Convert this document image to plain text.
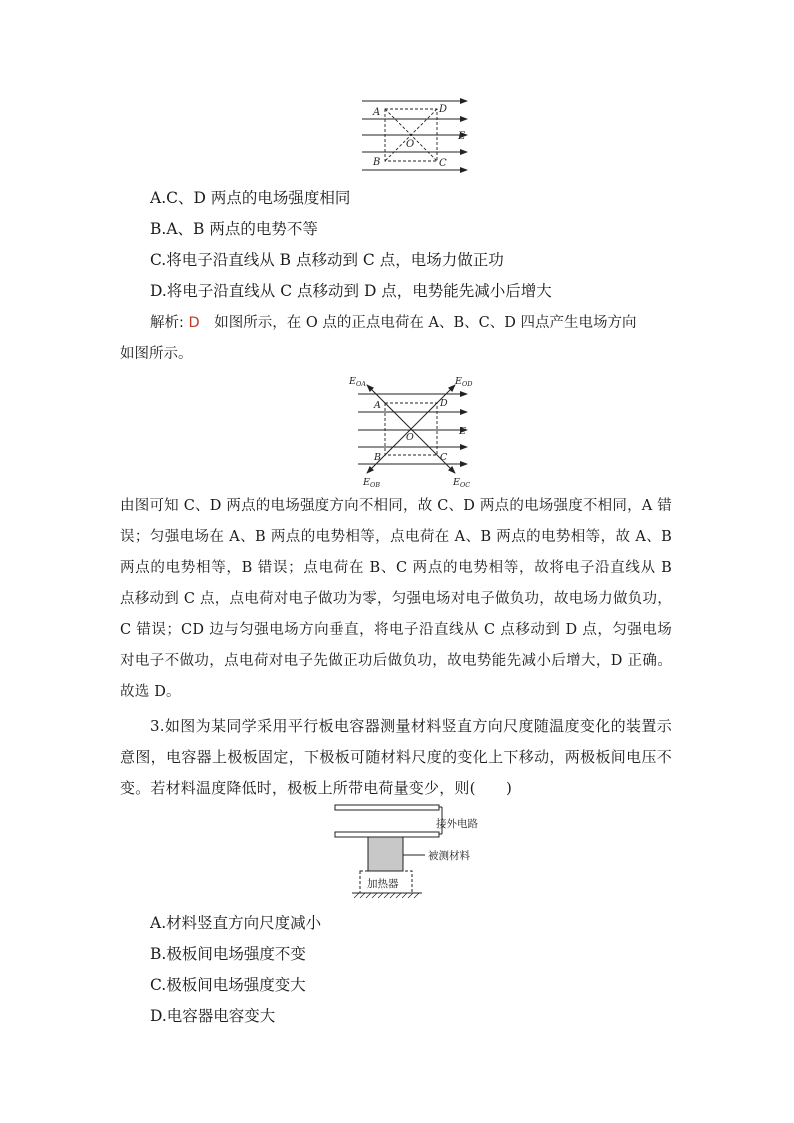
A	D
E
O
B	C
A.C、D 两点的电场强度相同
B.A、B 两点的电势不等
C.将电子沿直线从 B 点移动到 C 点，电场力做正功
D.将电子沿直线从 C 点移动到 D 点，电势能先减小后增大
解析: D 如图所示，在 O 点的正点电荷在 A、B、C、D 四点产生电场方向
如图所示。
$E_{OA}$	$E_{OD}$
A	D
E
O
B	C
$E_{OB}$	$E_{OC}$
由图可知 C、D 两点的电场强度方向不相同，故 C、D 两点的电场强度不相同，A 错误；匀强电场在 A、B 两点的电势相等，点电荷在 A、B 两点的电势相等，故 A、B 两点的电势相等，B 错误；点电荷在 B、C 两点的电势相等，故将电子沿直线从 B 点移动到 C 点，点电荷对电子做功为零，匀强电场对电子做负功，故电场力做负功，C 错误；CD 边与匀强电场方向垂直，将电子沿直线从 C 点移动到 D 点，匀强电场对电子不做功，点电荷对电子先做正功后做负功，故电势能先减小后增大，D 正确。故选 D。
3.如图为某同学采用平行板电容器测量材料竖直方向尺度随温度变化的装置示意图，电容器上极板固定，下极板可随材料尺度的变化上下移动，两极板间电压不变。若材料温度降低时，极板上所带电荷量变少，则(　　)
接外电路
被测材料
加热器
A.材料竖直方向尺度减小
B.极板间电场强度不变
C.极板间电场强度变大
D.电容器电容变大
